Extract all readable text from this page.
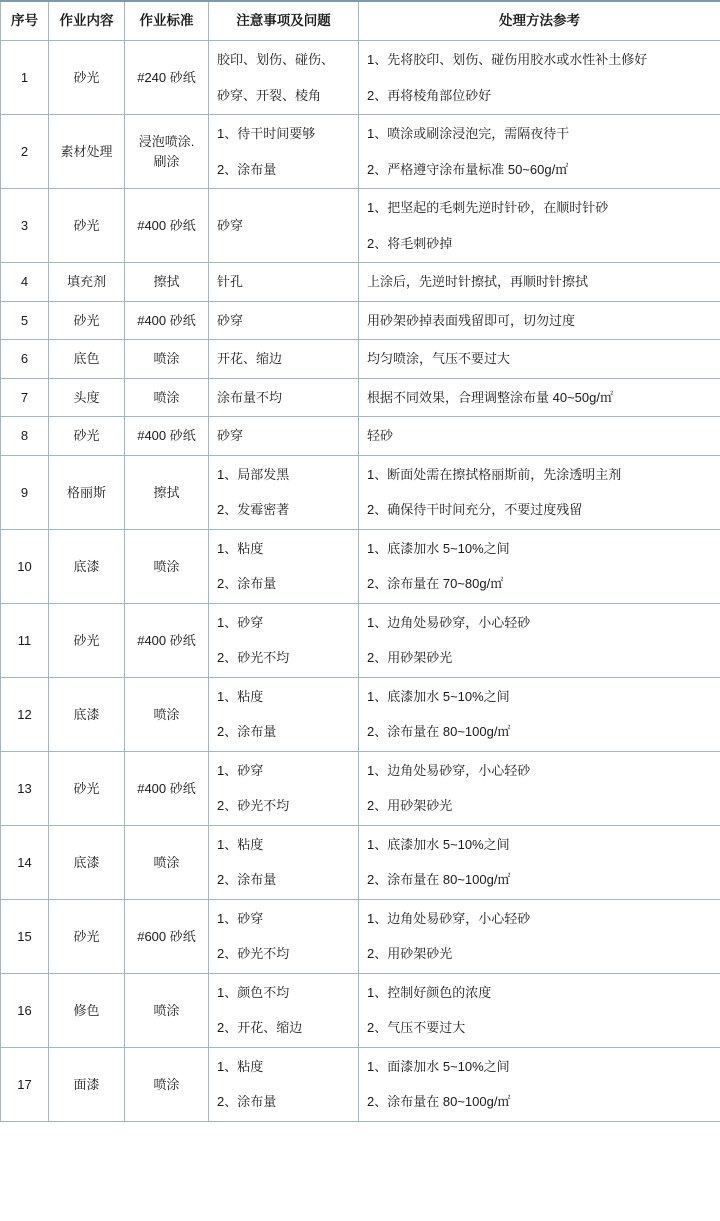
序号	作业内容	作业标准	注意事项及问题	处理方法参考
1	砂光	#240 砂纸	胶印、划伤、碰伤、
砂穿、开裂、棱角	1、先将胶印、划伤、碰伤用胶水或水性补土修好
2、再将棱角部位砂好

2	素材处理	浸泡喷涂.刷涂	1、待干时间要够
2、涂布量	1、喷涂或刷涂浸泡完，需隔夜待干
2、严格遵守涂布量标准 50~60g/㎡

3	砂光	#400 砂纸	砂穿	1、把坚起的毛刺先逆时针砂，在顺时针砂
2、将毛刺砂掉

4	填充剂	擦拭	针孔	上涂后，先逆时针擦拭，再顺时针擦拭

5	砂光	#400 砂纸	砂穿	用砂架砂掉表面残留即可，切勿过度

6	底色	喷涂	开花、缩边	均匀喷涂，气压不要过大

7	头度	喷涂	涂布量不均	根据不同效果，合理调整涂布量 40~50g/㎡

8	砂光	#400 砂纸	砂穿	轻砂

9	格丽斯	擦拭	1、局部发黑
2、发霉密著	1、断面处需在擦拭格丽斯前，先涂透明主剂
2、确保待干时间充分，不要过度残留

10	底漆	喷涂	1、粘度
2、涂布量	1、底漆加水 5~10%之间
2、涂布量在 70~80g/㎡

11	砂光	#400 砂纸	1、砂穿
2、砂光不均	1、边角处易砂穿，小心轻砂
2、用砂架砂光

12	底漆	喷涂	1、粘度
2、涂布量	1、底漆加水 5~10%之间
2、涂布量在 80~100g/㎡

13	砂光	#400 砂纸	1、砂穿
2、砂光不均	1、边角处易砂穿，小心轻砂
2、用砂架砂光

14	底漆	喷涂	1、粘度
2、涂布量	1、底漆加水 5~10%之间
2、涂布量在 80~100g/㎡

15	砂光	#600 砂纸	1、砂穿
2、砂光不均	1、边角处易砂穿，小心轻砂
2、用砂架砂光

16	修色	喷涂	1、颜色不均
2、开花、缩边	1、控制好颜色的浓度
2、气压不要过大

17	面漆	喷涂	1、粘度
2、涂布量	1、面漆加水 5~10%之间
2、涂布量在 80~100g/㎡
